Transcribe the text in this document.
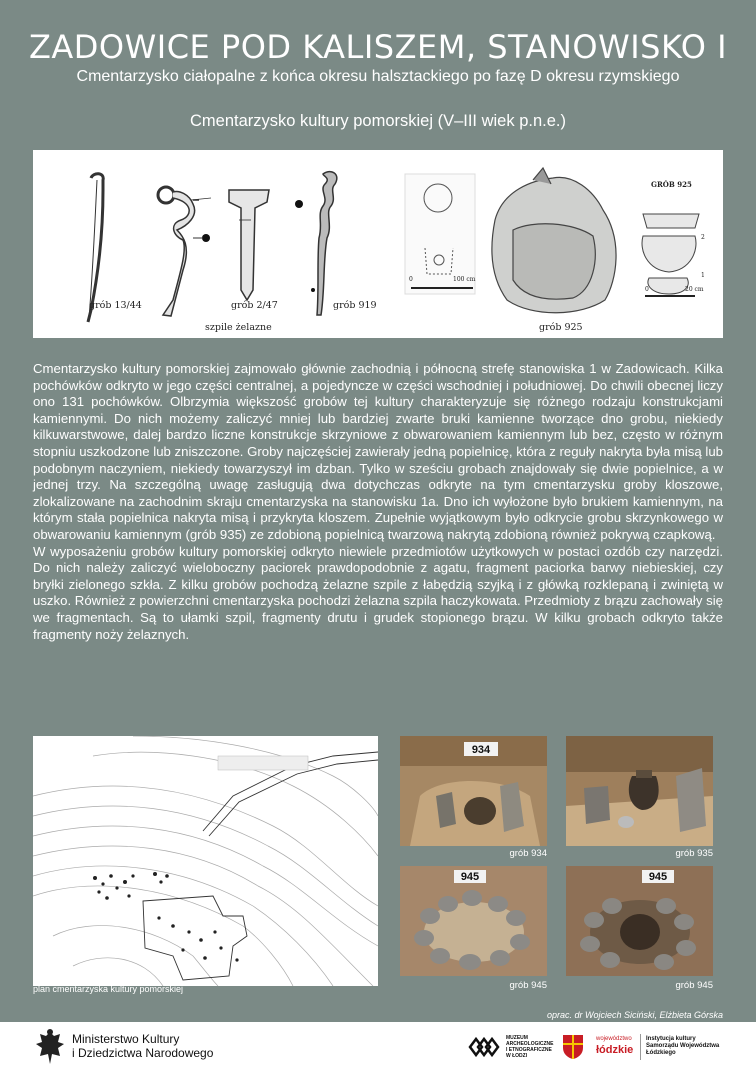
ZADOWICE POD KALISZEM, STANOWISKO I
Cmentarzysko ciałopalne z końca okresu halsztackiego po fazę D okresu rzymskiego
Cmentarzysko kultury pomorskiej (V–III wiek p.n.e.)
grób 13/44	grób 2/47	grób 919
szpile żelazne	grób 925
GRÓB 925
0	100 cm
0	20 cm
2
1

Cmentarzysko kultury pomorskiej zajmowało głównie zachodnią i północną strefę stanowiska 1 w Zadowicach. Kilka pochówków odkryto w jego części centralnej, a pojedyncze w części wschodniej i południowej. Do chwili obecnej liczy ono 131 pochówków. Olbrzymia większość grobów tej kultury charakteryzuje się różnego rodzaju konstrukcjami kamiennymi. Do nich możemy zaliczyć mniej lub bardziej zwarte bruki kamienne tworzące dno grobu, niekiedy kilkuwarstwowe, dalej bardzo liczne konstrukcje skrzyniowe z obwarowaniem kamiennym lub bez, często w różnym stopniu uszkodzone lub zniszczone. Groby najczęściej zawierały jedną popielnicę, która z reguły nakryta była misą lub podobnym naczyniem, niekiedy towarzyszył im dzban. Tylko w sześciu grobach znajdowały się dwie popielnice, a w jednej trzy. Na szczególną uwagę zasługują dwa dotychczas odkryte na tym cmentarzysku groby kloszowe, zlokalizowane na zachodnim skraju cmentarzyska na stanowisku 1a. Dno ich wyłożone było brukiem kamiennym, na którym stała popielnica nakryta misą i przykryta kloszem. Zupełnie wyjątkowym było odkrycie grobu skrzynkowego w obwarowaniu kamiennym (grób 935) ze zdobioną popielnicą twarzową nakrytą zdobioną również pokrywą czapkową.

W wyposażeniu grobów kultury pomorskiej odkryto niewiele przedmiotów użytkowych w postaci ozdób czy narzędzi. Do nich należy zaliczyć wieloboczny paciorek prawdopodobnie z agatu, fragment paciorka barwy niebieskiej, czy bryłki zielonego szkła. Z kilku grobów pochodzą żelazne szpile z łabędzią szyjką i z główką rozklepaną i zwiniętą w uszko. Również z powierzchni cmentarzyska pochodzi żelazna szpila haczykowata. Przedmioty z brązu zachowały się we fragmentach. Są to ułamki szpil, fragmenty drutu i grudek stopionego brązu. W kilku grobach odkryto także fragmenty noży żelaznych.

plan cmentarzyska kultury pomorskiej
934
grób 934	grób 935
945
grób 945
945
grób 945
oprac. dr Wojciech Siciński, Elżbieta Górska
Ministerstwo Kultury
i Dziedzictwa Narodowego
MUZEUM ARCHEOLOGICZNE I ETNOGRAFICZNE W ŁODZI
województwo
łódzkie
Instytucja kultury Samorządu Województwa Łódzkiego
